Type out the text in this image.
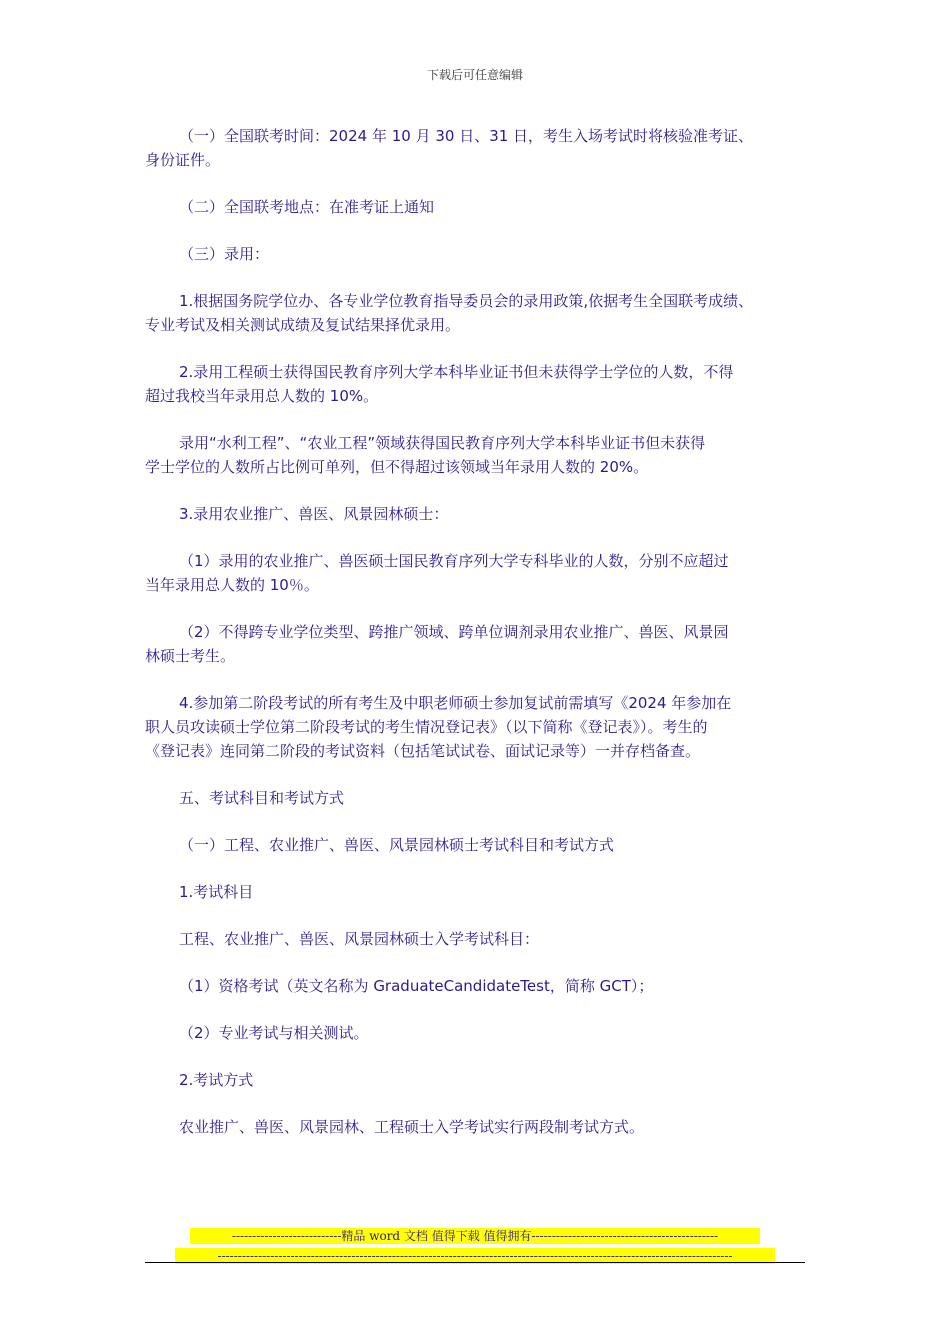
下载后可任意编辑

（一）全国联考时间：2024 年 10 月 30 日、31 日，考生入场考试时将核验准考证、
身份证件。

（二）全国联考地点：在准考证上通知

（三）录用：

1.根据国务院学位办、各专业学位教育指导委员会的录用政策,依据考生全国联考成绩、
专业考试及相关测试成绩及复试结果择优录用。

2.录用工程硕士获得国民教育序列大学本科毕业证书但未获得学士学位的人数，不得
超过我校当年录用总人数的 10%。

录用“水利工程”、“农业工程”领域获得国民教育序列大学本科毕业证书但未获得
学士学位的人数所占比例可单列，但不得超过该领域当年录用人数的 20%。

3.录用农业推广、兽医、风景园林硕士：

（1）录用的农业推广、兽医硕士国民教育序列大学专科毕业的人数，分别不应超过
当年录用总人数的 10％。

（2）不得跨专业学位类型、跨推广领域、跨单位调剂录用农业推广、兽医、风景园
林硕士考生。

4.参加第二阶段考试的所有考生及中职老师硕士参加复试前需填写《2024 年参加在
职人员攻读硕士学位第二阶段考试的考生情况登记表》（以下简称《登记表》）。考生的
《登记表》连同第二阶段的考试资料（包括笔试试卷、面试记录等）一并存档备查。

五、考试科目和考试方式

（一）工程、农业推广、兽医、风景园林硕士考试科目和考试方式

1.考试科目

工程、农业推广、兽医、风景园林硕士入学考试科目：

（1）资格考试（英文名称为 GraduateCandidateTest，简称 GCT）；

（2）专业考试与相关测试。

2.考试方式

农业推广、兽医、风景园林、工程硕士入学考试实行两段制考试方式。

---------------------------精品 word 文档 值得下载 值得拥有----------------------------------------------
-------------------------------------------------------------------------------------------------------------------------------
